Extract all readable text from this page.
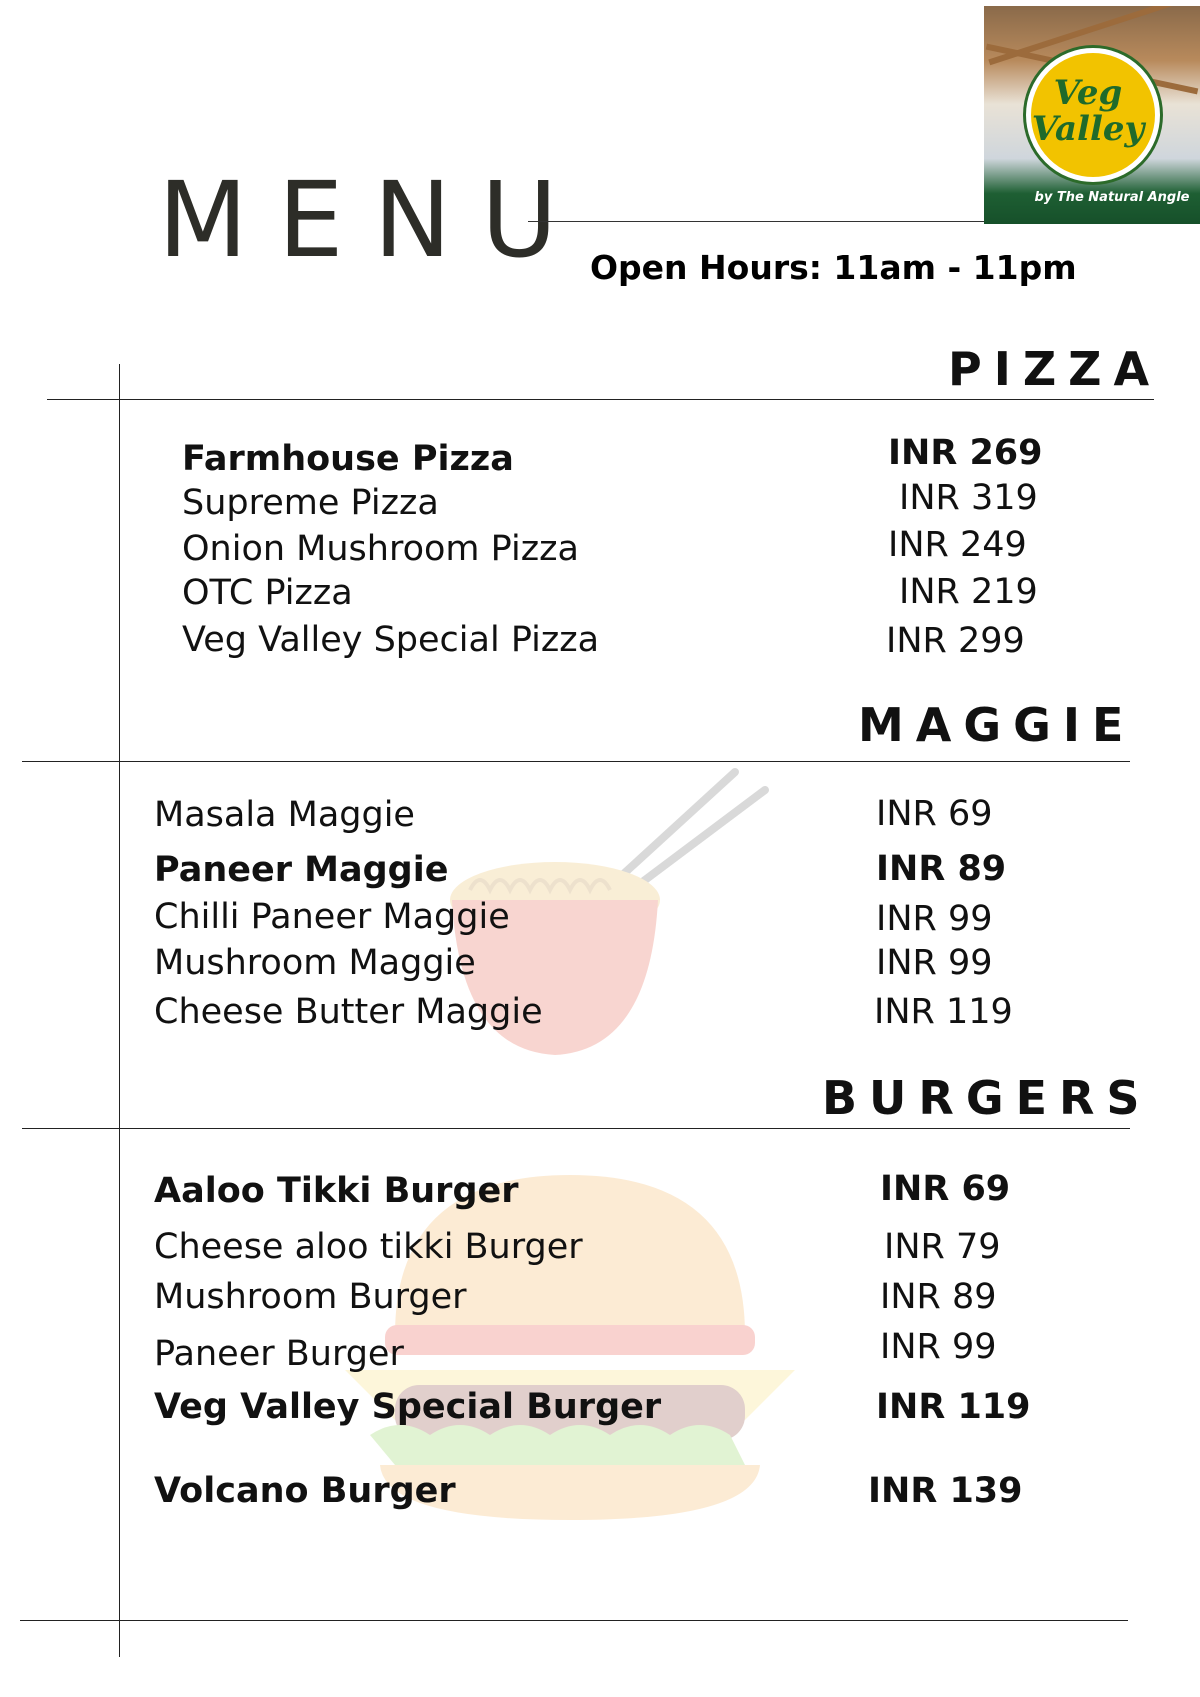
MENU Open Hours: 11am - 11pm
Veg
Valley
by The Natural Angle
PIZZA
Farmhouse Pizza	INR 269
Supreme Pizza	INR 319
Onion Mushroom Pizza	INR 249
OTC Pizza	INR 219
Veg Valley Special Pizza	INR 299
MAGGIE
Masala Maggie	INR 69
Paneer Maggie	INR 89
Chilli Paneer Maggie	INR 99
Mushroom Maggie	INR 99
Cheese Butter Maggie	INR 119
BURGERS
Aaloo Tikki Burger	INR 69
Cheese aloo tikki Burger	INR 79
Mushroom Burger	INR 89
Paneer Burger	INR 99
Veg Valley Special Burger	INR 119
Volcano Burger	INR 139
